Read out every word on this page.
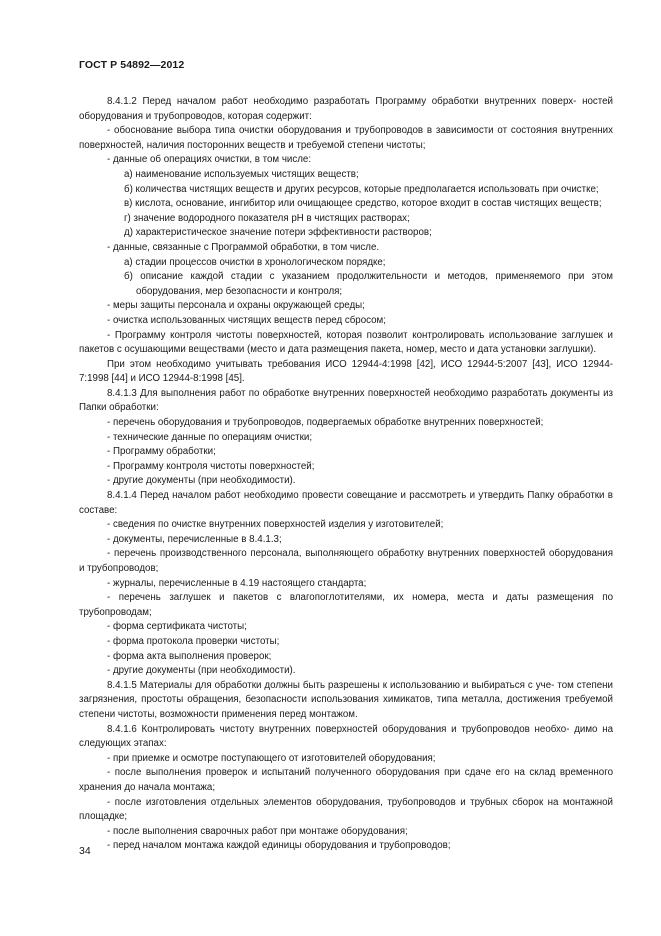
ГОСТ Р 54892—2012

8.4.1.2 Перед началом работ необходимо разработать Программу обработки внутренних поверх- ностей оборудования и трубопроводов, которая содержит:

- обоснование выбора типа очистки оборудования и трубопроводов в зависимости от состояния внутренних поверхностей, наличия посторонних веществ и требуемой степени чистоты;

- данные об операциях очистки, в том числе:

а) наименование используемых чистящих веществ;

б) количества чистящих веществ и других ресурсов, которые предполагается использовать при очистке;

в) кислота, основание, ингибитор или очищающее средство, которое входит в состав чистящих веществ;

г) значение водородного показателя рН в чистящих растворах;

д) характеристическое значение потери эффективности растворов;

- данные, связанные с Программой обработки, в том числе.

а) стадии процессов очистки в хронологическом порядке;

б) описание каждой стадии с указанием продолжительности и методов, применяемого при этом оборудования, мер безопасности и контроля;

- меры защиты персонала и охраны окружающей среды;

- очистка использованных чистящих веществ перед сбросом;

- Программу контроля чистоты поверхностей, которая позволит контролировать использование заглушек и пакетов с осушающими веществами (место и дата размещения пакета, номер, место и дата установки заглушки).

При этом необходимо учитывать требования ИСО 12944-4:1998 [42], ИСО 12944-5:2007 [43], ИСО 12944-7:1998 [44] и ИСО 12944-8:1998 [45].

8.4.1.3 Для выполнения работ по обработке внутренних поверхностей необходимо разработать документы из Папки обработки:

- перечень оборудования и трубопроводов, подвергаемых обработке внутренних поверхностей;

- технические данные по операциям очистки;

- Программу обработки;

- Программу контроля чистоты поверхностей;

- другие документы (при необходимости).

8.4.1.4 Перед началом работ необходимо провести совещание и рассмотреть и утвердить Папку обработки в составе:

- сведения по очистке внутренних поверхностей изделия у изготовителей;

- документы, перечисленные в 8.4.1.3;

- перечень производственного персонала, выполняющего обработку внутренних поверхностей оборудования и трубопроводов;

- журналы, перечисленные в 4.19 настоящего стандарта;

- перечень заглушек и пакетов с влагопоглотителями, их номера, места и даты размещения по трубопроводам;

- форма сертификата чистоты;

- форма протокола проверки чистоты;

- форма акта выполнения проверок;

- другие документы (при необходимости).

8.4.1.5 Материалы для обработки должны быть разрешены к использованию и выбираться с уче- том степени загрязнения, простоты обращения, безопасности использования химикатов, типа металла, достижения требуемой степени чистоты, возможности применения перед монтажом.

8.4.1.6 Контролировать чистоту внутренних поверхностей оборудования и трубопроводов необхо- димо на следующих этапах:

- при приемке и осмотре поступающего от изготовителей оборудования;

- после выполнения проверок и испытаний полученного оборудования при сдаче его на склад временного хранения до начала монтажа;

- после изготовления отдельных элементов оборудования, трубопроводов и трубных сборок на монтажной площадке;

- после выполнения сварочных работ при монтаже оборудования;

- перед началом монтажа каждой единицы оборудования и трубопроводов;

34
